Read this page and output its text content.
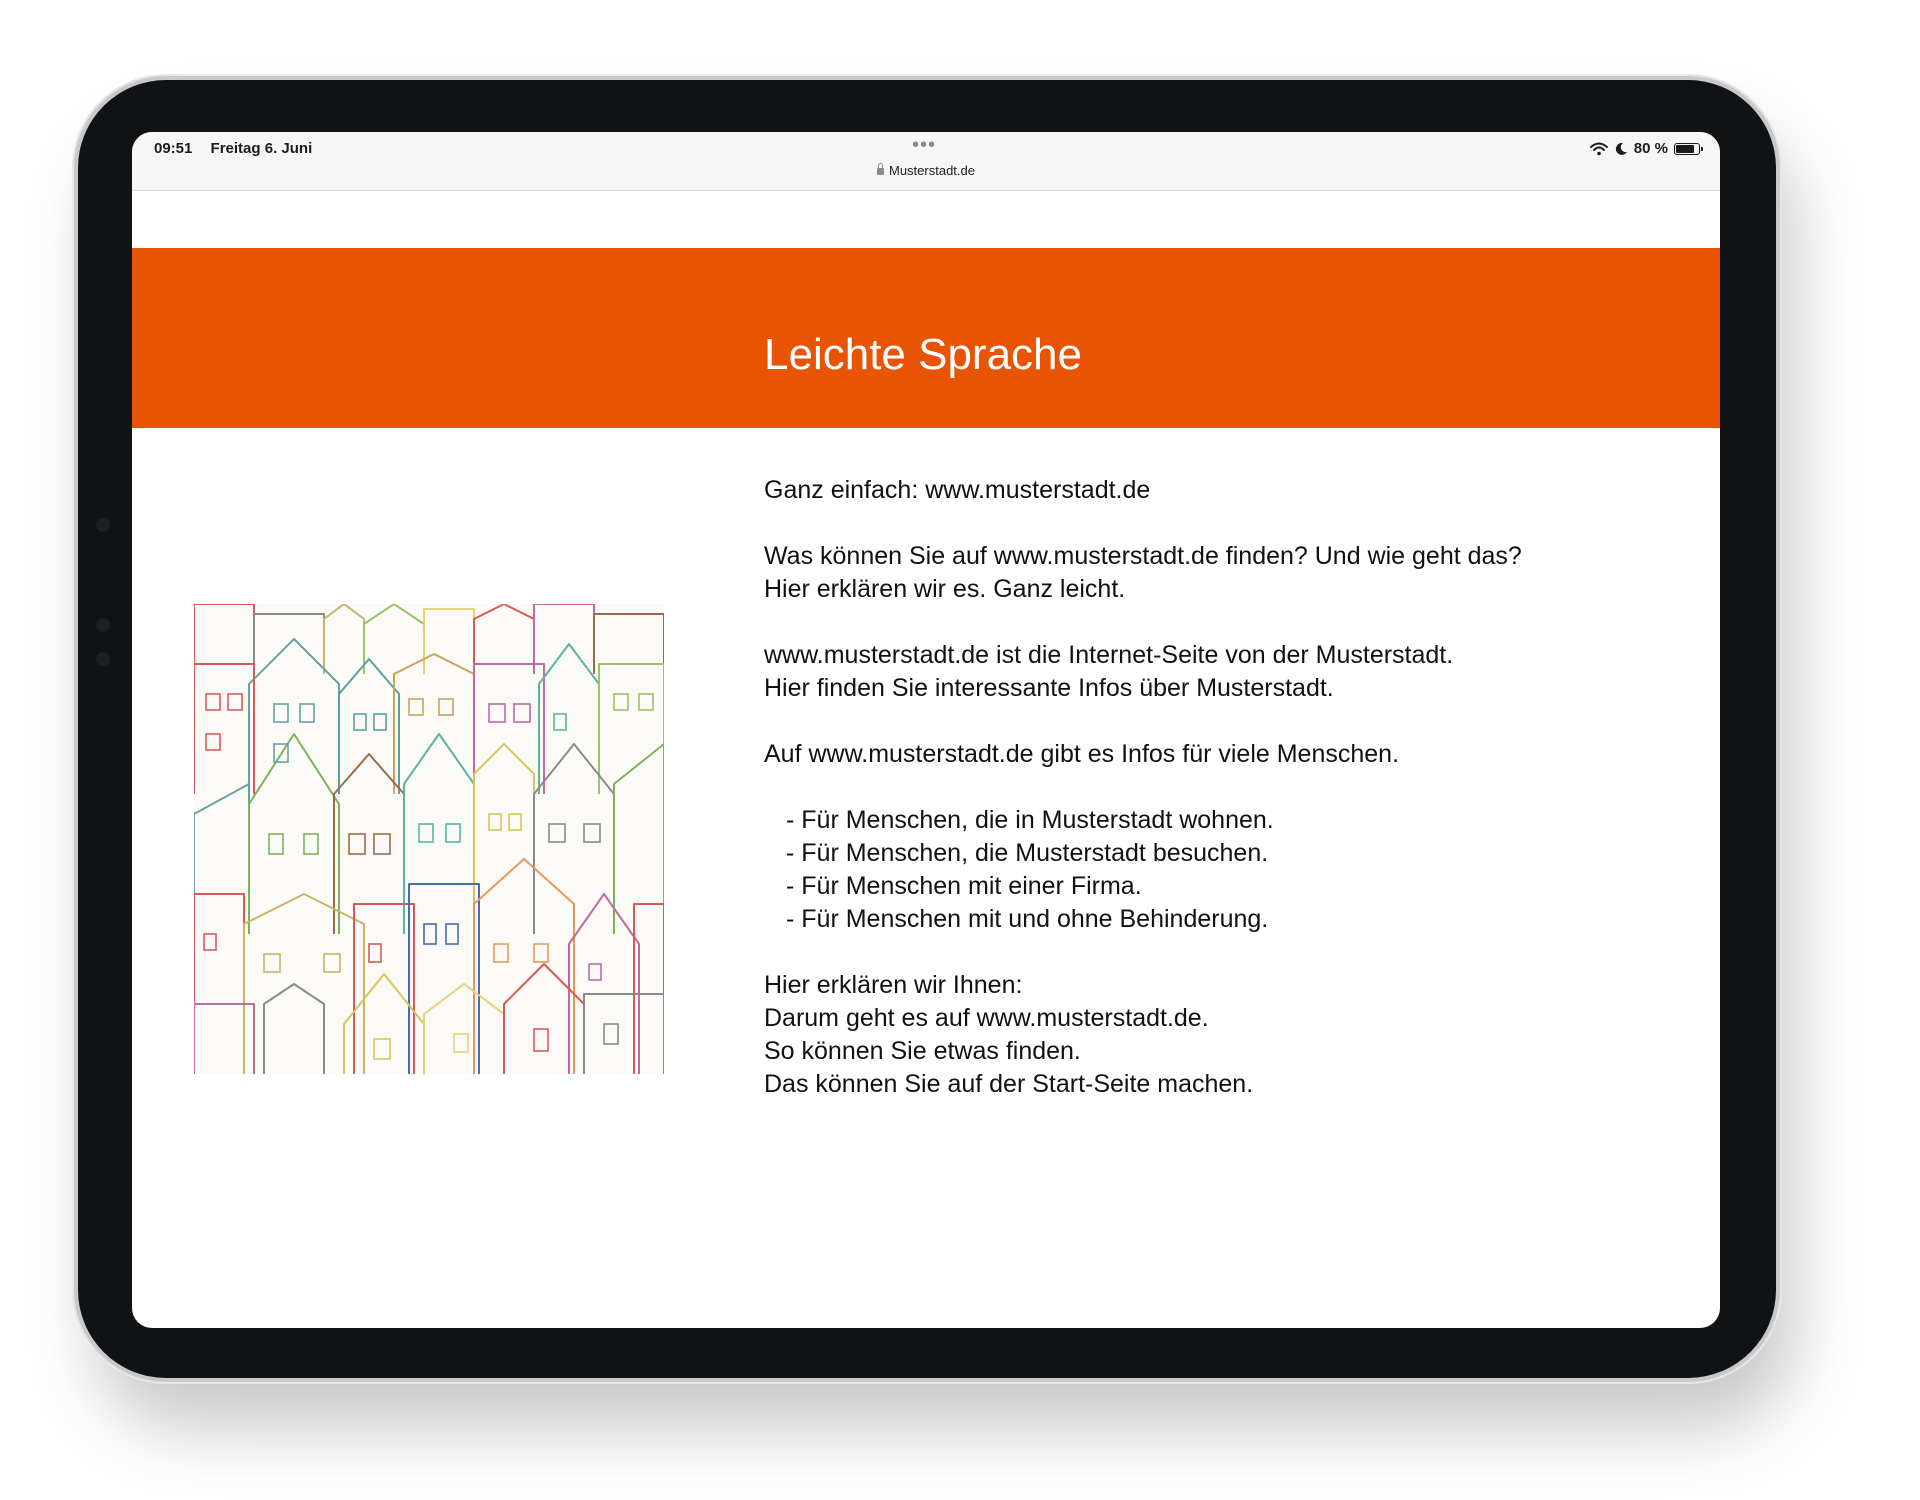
09:51 Freitag 6. Juni	•••
Musterstadt.de
80 %
Leichte Sprache

Ganz einfach: www.musterstadt.de

Was können Sie auf www.musterstadt.de finden? Und wie geht das?
Hier erklären wir es. Ganz leicht.

www.musterstadt.de ist die Internet-Seite von der Musterstadt.
Hier finden Sie interessante Infos über Musterstadt.

Auf www.musterstadt.de gibt es Infos für viele Menschen.

- Für Menschen, die in Musterstadt wohnen.
- Für Menschen, die Musterstadt besuchen.
- Für Menschen mit einer Firma.
- Für Menschen mit und ohne Behinderung.

Hier erklären wir Ihnen:
Darum geht es auf www.musterstadt.de.
So können Sie etwas finden.
Das können Sie auf der Start-Seite machen.
